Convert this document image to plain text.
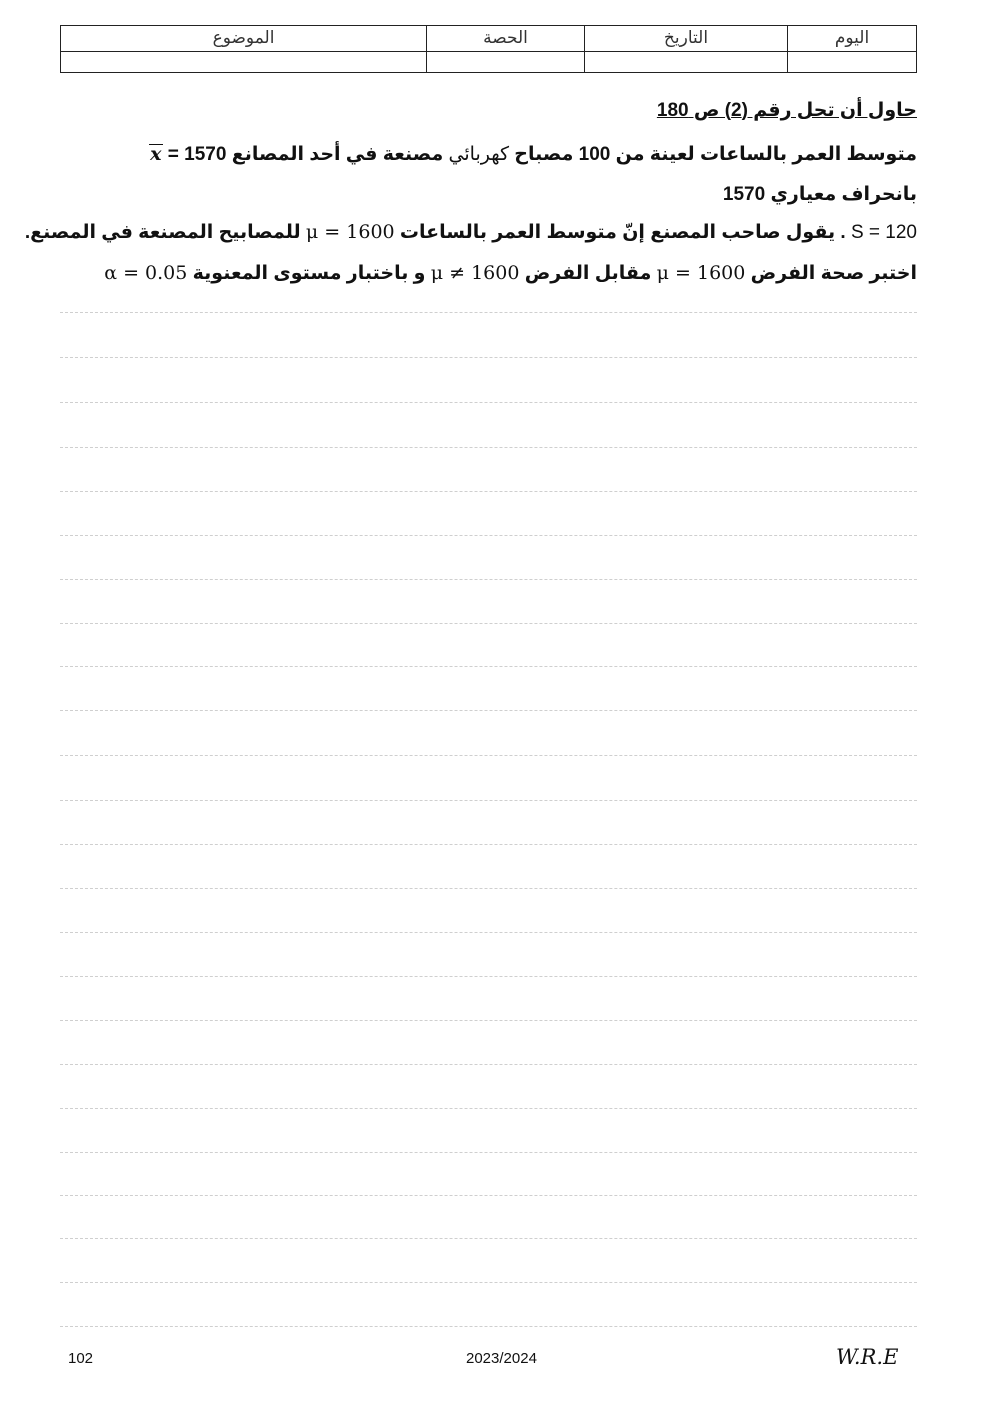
اليوم	التاريخ	الحصة	الموضوع

حاول أن تحل رقم (2) ص 180
متوسط العمر بالساعات لعينة من 100 مصباح كهربائي مصنعة في أحد المصانع x = 1570
بانحراف معياري 1570
S = 120 . يقول صاحب المصنع إنّ متوسط العمر بالساعات μ = 1600 للمصابيح المصنعة في المصنع.
اختبر صحة الفرض μ = 1600 مقابل الفرض μ ≠ 1600 و باختبار مستوى المعنوية α = 0.05
102	2023/2024	W.R.E
